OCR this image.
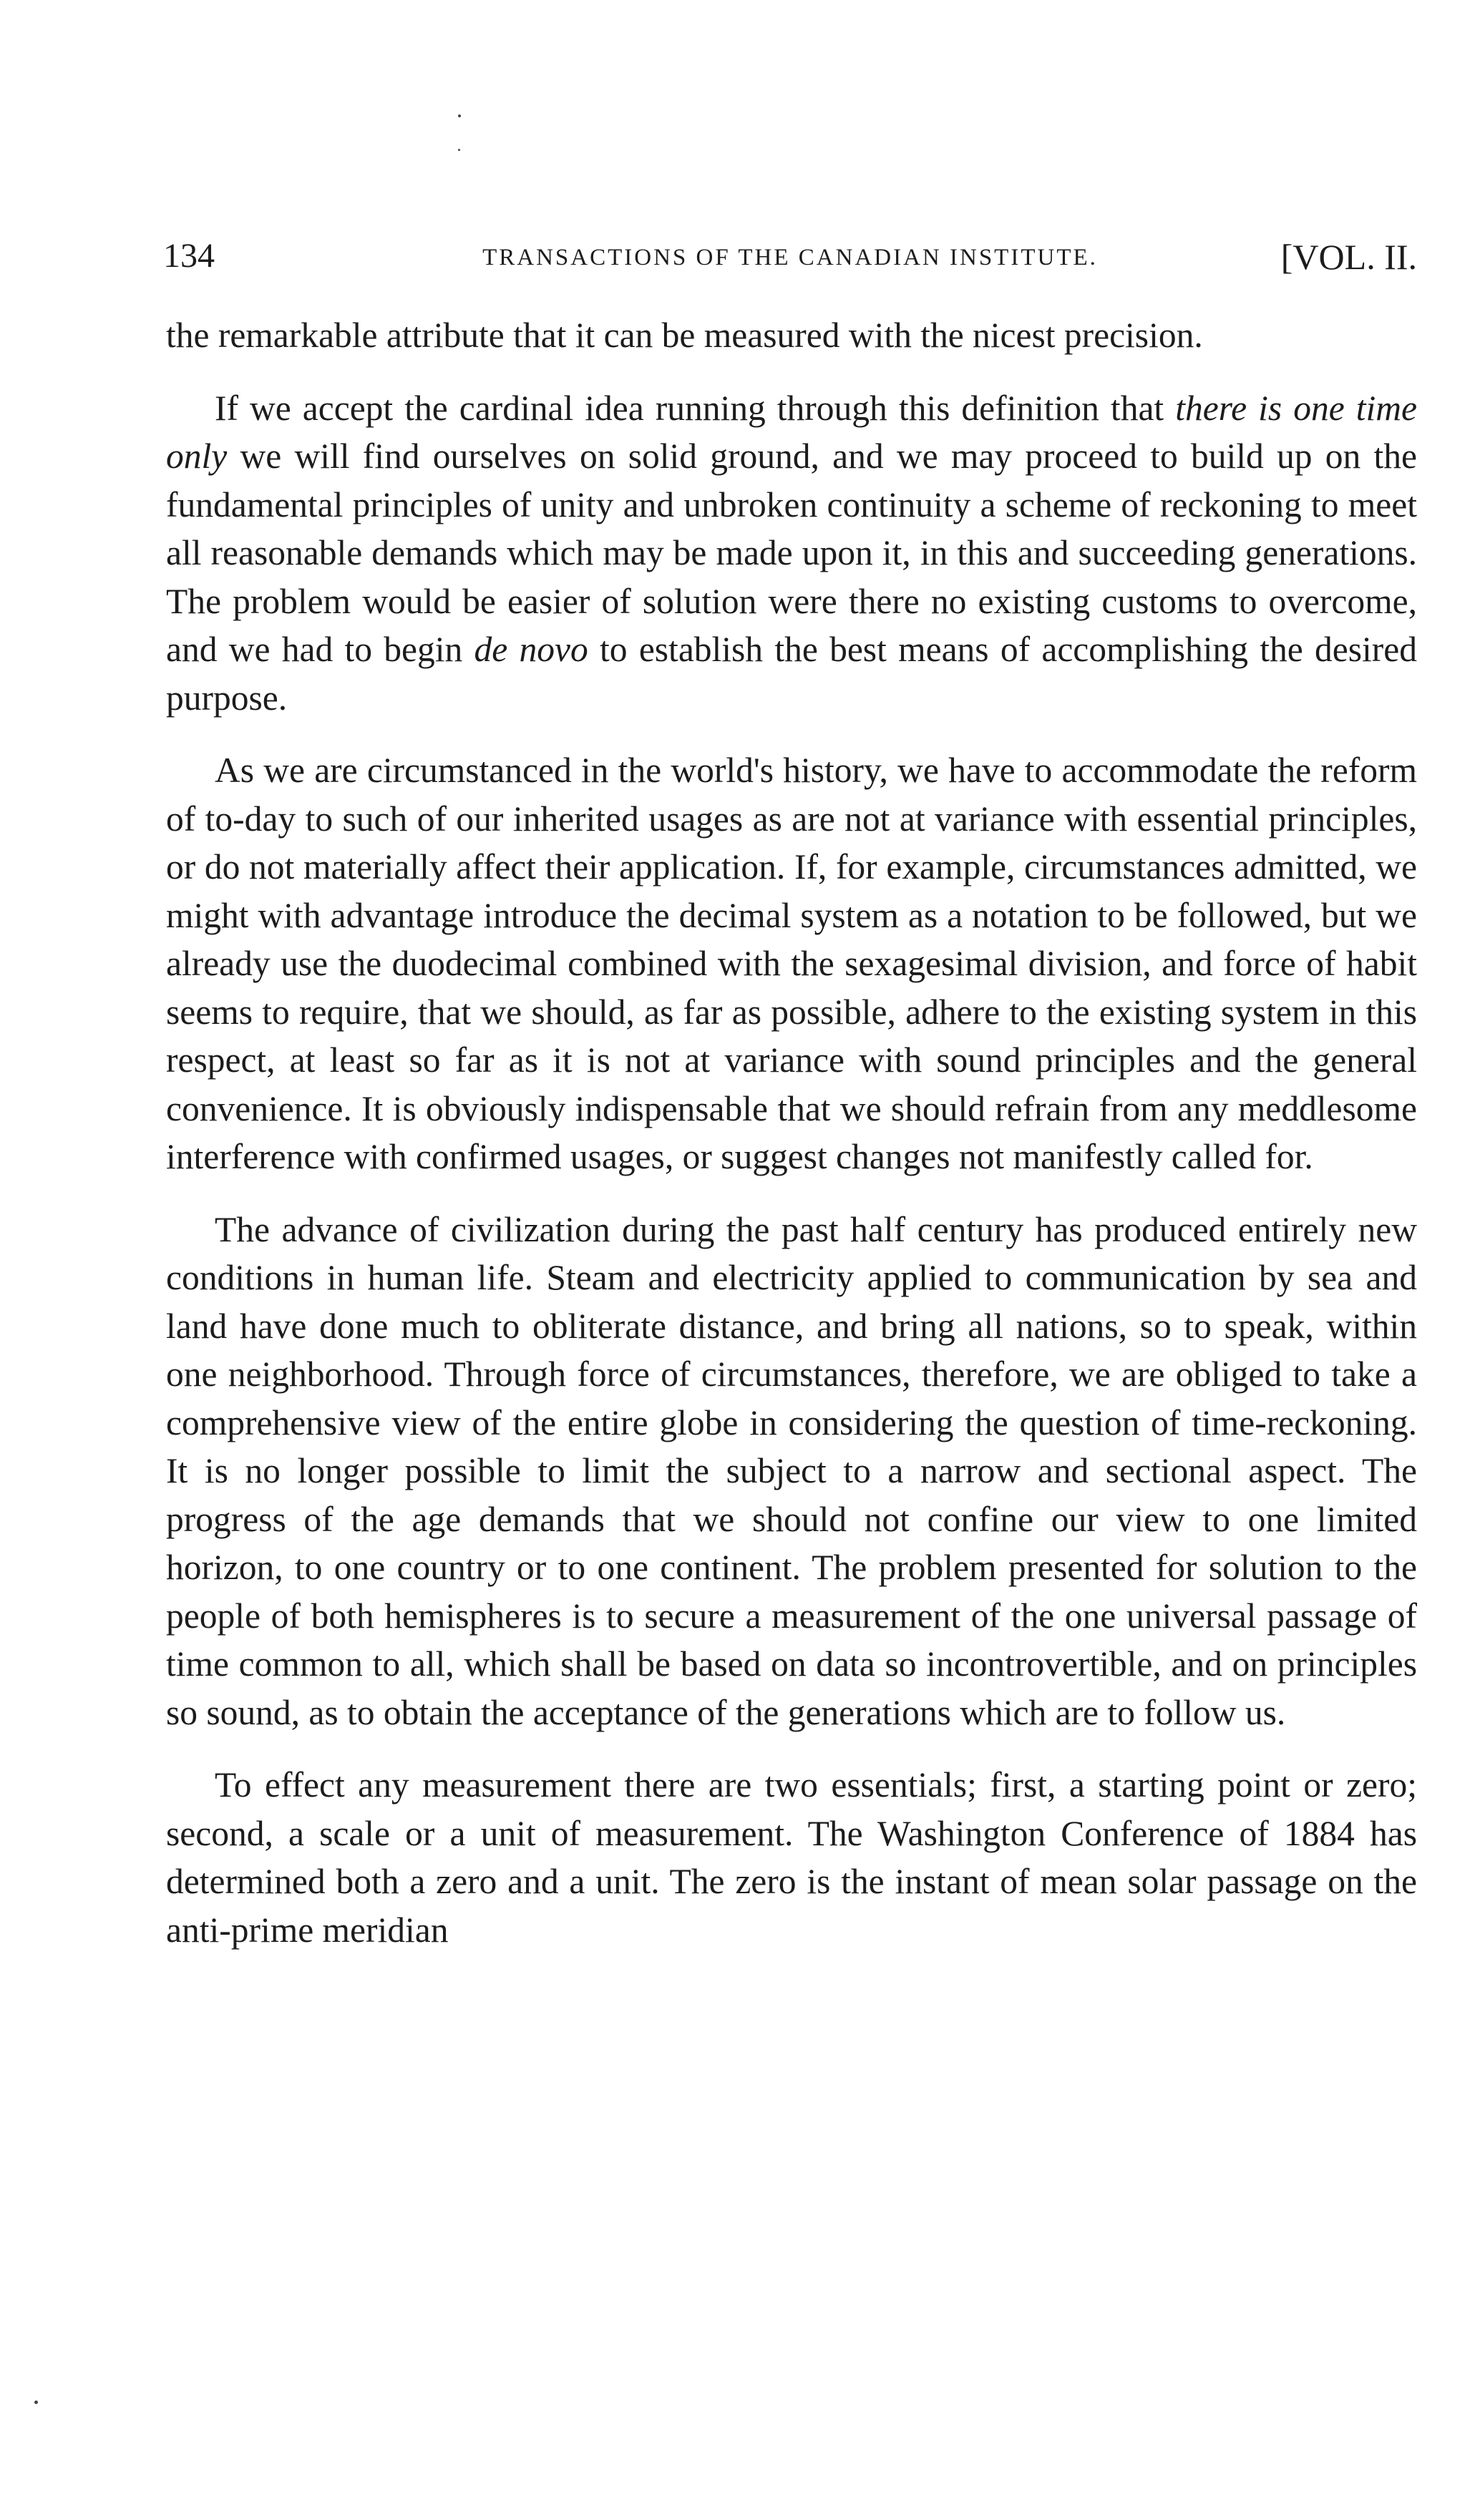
134	TRANSACTIONS OF THE CANADIAN INSTITUTE.	[VOL. II.

the remarkable attribute that it can be measured with the nicest precision.

If we accept the cardinal idea running through this definition that there is one time only we will find ourselves on solid ground, and we may proceed to build up on the fundamental principles of unity and unbroken continuity a scheme of reckoning to meet all reasonable demands which may be made upon it, in this and succeeding generations. The problem would be easier of solution were there no existing customs to overcome, and we had to begin de novo to establish the best means of accomplishing the desired purpose.

As we are circumstanced in the world's history, we have to accommodate the reform of to-day to such of our inherited usages as are not at variance with essential principles, or do not materially affect their application. If, for example, circumstances admitted, we might with advantage introduce the decimal system as a notation to be followed, but we already use the duodecimal combined with the sexagesimal division, and force of habit seems to require, that we should, as far as possible, adhere to the existing system in this respect, at least so far as it is not at variance with sound principles and the general convenience. It is obviously indispensable that we should refrain from any meddlesome interference with confirmed usages, or suggest changes not manifestly called for.

The advance of civilization during the past half century has produced entirely new conditions in human life. Steam and electricity applied to communication by sea and land have done much to obliterate distance, and bring all nations, so to speak, within one neighborhood. Through force of circumstances, therefore, we are obliged to take a comprehensive view of the entire globe in considering the question of time-reckoning. It is no longer possible to limit the subject to a narrow and sectional aspect. The progress of the age demands that we should not confine our view to one limited horizon, to one country or to one continent. The problem presented for solution to the people of both hemispheres is to secure a measurement of the one universal passage of time common to all, which shall be based on data so incontrovertible, and on principles so sound, as to obtain the acceptance of the generations which are to follow us.

To effect any measurement there are two essentials; first, a starting point or zero; second, a scale or a unit of measurement. The Washington Conference of 1884 has determined both a zero and a unit. The zero is the instant of mean solar passage on the anti-prime meridian
